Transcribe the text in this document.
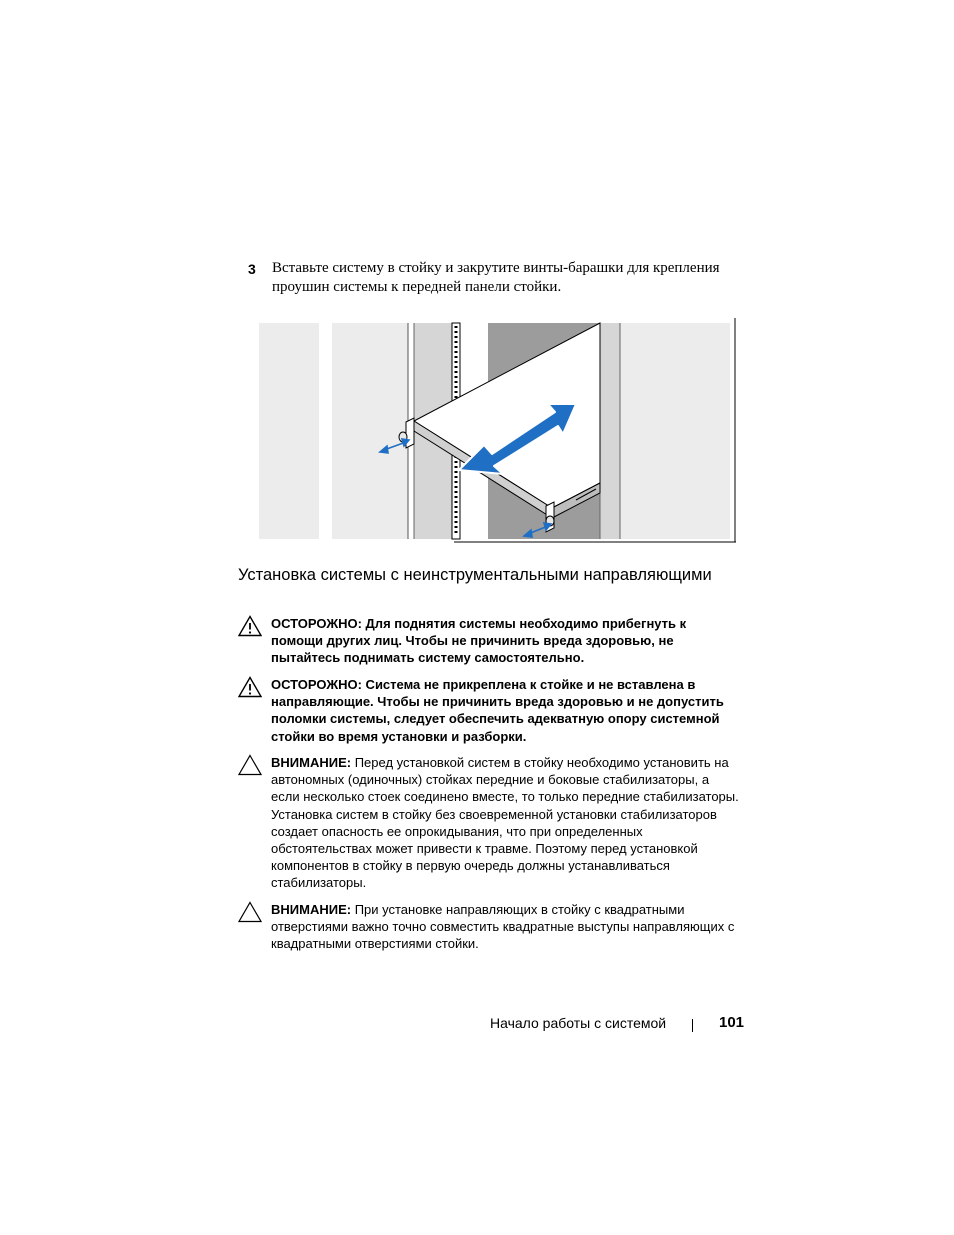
3 Вставьте систему в стойку и закрутите винты-барашки для крепления проушин системы к передней панели стойки.
Установка системы с неинструментальными направляющими
ОСТОРОЖНО: Для поднятия системы необходимо прибегнуть к помощи других лиц. Чтобы не причинить вреда здоровью, не пытайтесь поднимать систему самостоятельно.
ОСТОРОЖНО: Система не прикреплена к стойке и не вставлена в направляющие. Чтобы не причинить вреда здоровью и не допустить поломки системы, следует обеспечить адекватную опору системной стойки во время установки и разборки.
ВНИМАНИЕ: Перед установкой систем в стойку необходимо установить на автономных (одиночных) стойках передние и боковые стабилизаторы, а если несколько стоек соединено вместе, то только передние стабилизаторы. Установка систем в стойку без своевременной установки стабилизаторов создает опасность ее опрокидывания, что при определенных обстоятельствах может привести к травме. Поэтому перед установкой компонентов в стойку в первую очередь должны устанавливаться стабилизаторы.
ВНИМАНИЕ: При установке направляющих в стойку с квадратными отверстиями важно точно совместить квадратные выступы направляющих с квадратными отверстиями стойки.
Начало работы с системой	101
